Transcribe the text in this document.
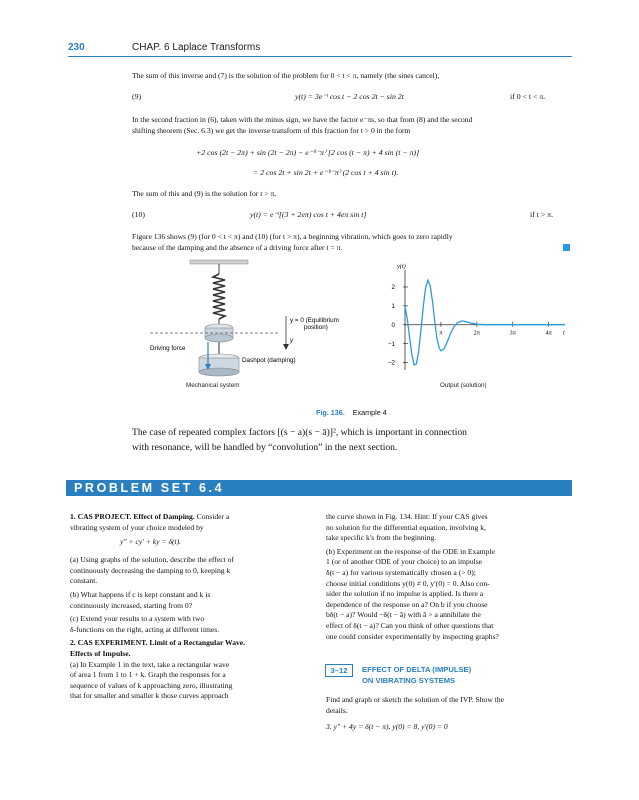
230	CHAP. 6 Laplace Transforms
The sum of this inverse and (7) is the solution of the problem for 0 < t < π, namely (the sines cancel),
(9)	y(t) = 3e⁻ᵗ cos t − 2 cos 2t − sin 2t	if 0 < t < π.
In the second fraction in (6), taken with the minus sign, we have the factor e⁻πs, so that from (8) and the second
shifting theorem (Sec. 6.3) we get the inverse transform of this fraction for t > 0 in the form
+2 cos (2t − 2π) + sin (2t − 2π) − e⁻⁽ᵗ⁻π⁾ [2 cos (t − π) + 4 sin (t − π)]
= 2 cos 2t + sin 2t + e⁻⁽ᵗ⁻π⁾ (2 cos t + 4 sin t).
The sum of this and (9) is the solution for t > π,
(10)	y(t) = e⁻ᵗ[(3 + 2eπ) cos t + 4eπ sin t]	if t > π.
Figure 136 shows (9) (for 0 < t < π) and (10) (for t > π), a beginning vibration, which goes to zero rapidly
because of the damping and the absence of a driving force after t = π.
y = 0 (Equilibrium
position)
y
Driving force
Dashpot (damping)
Mechanical system
y(t)
t
2
1
0
−1
−2
π	2π	3π	4π
Output (solution)
Fig. 136. Example 4
The case of repeated complex factors [(s − a)(s − ā)]², which is important in connection
with resonance, will be handled by “convolution” in the next section.
PROBLEM SET 6.4
1. CAS PROJECT. Effect of Damping. Consider a
vibrating system of your choice modeled by
y″ + cy′ + ky = δ(t).
(a) Using graphs of the solution, describe the effect of
continuously decreasing the damping to 0, keeping k
constant.
(b) What happens if c is kept constant and k is
continuously increased, starting from 0?
(c) Extend your results to a system with two
δ-functions on the right, acting at different times.
2. CAS EXPERIMENT. Limit of a Rectangular Wave.
Effects of Impulse.
(a) In Example 1 in the text, take a rectangular wave
of area 1 from 1 to 1 + k. Graph the responses for a
sequence of values of k approaching zero, illustrating
that for smaller and smaller k those curves approach
the curve shown in Fig. 134. Hint: If your CAS gives
no solution for the differential equation, involving k,
take specific k's from the beginning.
(b) Experiment on the response of the ODE in Example
1 (or of another ODE of your choice) to an impulse
δ(t − a) for various systematically chosen a (> 0);
choose initial conditions y(0) ≠ 0, y′(0) = 0. Also con-
sider the solution if no impulse is applied. Is there a
dependence of the response on a? On b if you choose
bδ(t − a)? Would −δ(t − ã) with ã > a annihilate the
effect of δ(t − a)? Can you think of other questions that
one could consider experimentally by inspecting graphs?
3–12	EFFECT OF DELTA (IMPULSE)
ON VIBRATING SYSTEMS
Find and graph or sketch the solution of the IVP. Show the
details.
3. y″ + 4y = δ(t − π), y(0) = 8, y′(0) = 0
